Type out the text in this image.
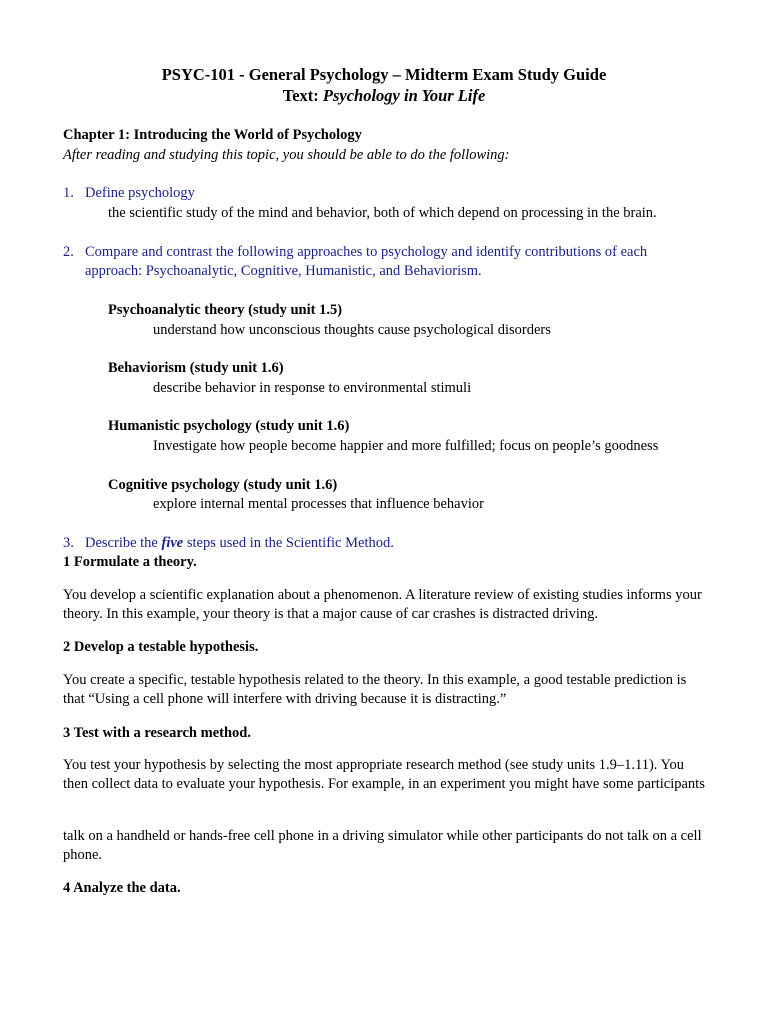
PSYC-101 - General Psychology – Midterm Exam Study Guide
Text: Psychology in Your Life
Chapter 1: Introducing the World of Psychology
After reading and studying this topic, you should be able to do the following:
1. Define psychology
the scientific study of the mind and behavior, both of which depend on processing in the brain.
2. Compare and contrast the following approaches to psychology and identify contributions of each
approach: Psychoanalytic, Cognitive, Humanistic, and Behaviorism.
Psychoanalytic theory (study unit 1.5)
understand how unconscious thoughts cause psychological disorders
Behaviorism (study unit 1.6)
describe behavior in response to environmental stimuli
Humanistic psychology (study unit 1.6)
Investigate how people become happier and more fulfilled; focus on people’s goodness
Cognitive psychology (study unit 1.6)
explore internal mental processes that influence behavior
3. Describe the five steps used in the Scientific Method.
1 Formulate a theory.
You develop a scientific explanation about a phenomenon. A literature review of existing studies informs your theory. In this example, your theory is that a major cause of car crashes is distracted driving.
2 Develop a testable hypothesis.
You create a specific, testable hypothesis related to the theory. In this example, a good testable prediction is that “Using a cell phone will interfere with driving because it is distracting.”
3 Test with a research method.
You test your hypothesis by selecting the most appropriate research method (see study units 1.9–1.11). You then collect data to evaluate your hypothesis. For example, in an experiment you might have some participants
talk on a handheld or hands-free cell phone in a driving simulator while other participants do not talk on a cell phone.
4 Analyze the data.
